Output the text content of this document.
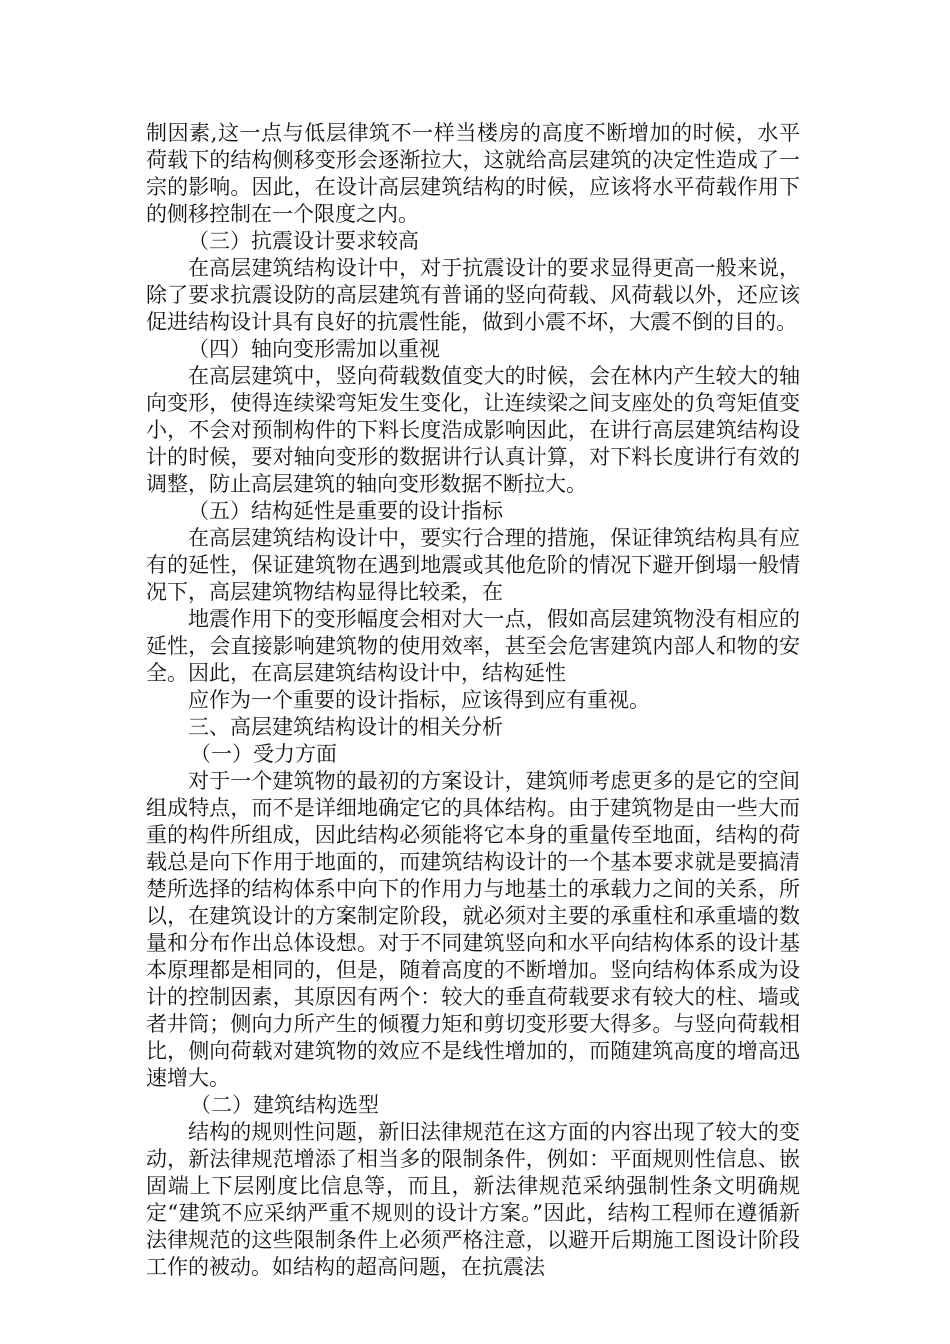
制因素,这一点与低层律筑不一样当楼房的高度不断增加的时候，水平荷载下的结构侧移变形会逐渐拉大，这就给高层建筑的决定性造成了一宗的影响。因此，在设计高层建筑结构的时候，应该将水平荷载作用下的侧移控制在一个限度之内。

（三）抗震设计要求较高

在高层建筑结构设计中，对于抗震设计的要求显得更高一般来说，除了要求抗震设防的高层建筑有普诵的竖向荷载、风荷载以外，还应该促进结构设计具有良好的抗震性能，做到小震不坏，大震不倒的目的。

（四）轴向变形需加以重视

在高层建筑中，竖向荷载数值变大的时候，会在林内产生较大的轴向变形，使得连续梁弯矩发生变化，让连续梁之间支座处的负弯矩值变小，不会对预制构件的下料长度浩成影响因此，在讲行高层建筑结构设计的时候，要对轴向变形的数据讲行认真计算，对下料长度讲行有效的调整，防止高层建筑的轴向变形数据不断拉大。

（五）结构延性是重要的设计指标

在高层建筑结构设计中，要实行合理的措施，保证律筑结构具有应有的延性，保证建筑物在遇到地震或其他危阶的情况下避开倒塌一般情况下，高层建筑物结构显得比较柔，在

地震作用下的变形幅度会相对大一点，假如高层建筑物没有相应的延性，会直接影响建筑物的使用效率，甚至会危害建筑内部人和物的安全。因此，在高层建筑结构设计中，结构延性

应作为一个重要的设计指标，应该得到应有重视。

三、高层建筑结构设计的相关分析

（一）受力方面

对于一个建筑物的最初的方案设计，建筑师考虑更多的是它的空间组成特点，而不是详细地确定它的具体结构。由于建筑物是由一些大而重的构件所组成，因此结构必须能将它本身的重量传至地面，结构的荷载总是向下作用于地面的，而建筑结构设计的一个基本要求就是要搞清楚所选择的结构体系中向下的作用力与地基土的承载力之间的关系，所以，在建筑设计的方案制定阶段，就必须对主要的承重柱和承重墙的数量和分布作出总体设想。对于不同建筑竖向和水平向结构体系的设计基本原理都是相同的，但是，随着高度的不断增加。竖向结构体系成为设计的控制因素，其原因有两个：较大的垂直荷载要求有较大的柱、墙或者井筒；侧向力所产生的倾覆力矩和剪切变形要大得多。与竖向荷载相比，侧向荷载对建筑物的效应不是线性增加的，而随建筑高度的增高迅速增大。

（二）建筑结构选型

结构的规则性问题，新旧法律规范在这方面的内容出现了较大的变动，新法律规范增添了相当多的限制条件，例如：平面规则性信息、嵌固端上下层刚度比信息等，而且，新法律规范采纳强制性条文明确规定“建筑不应采纳严重不规则的设计方案。”因此，结构工程师在遵循新法律规范的这些限制条件上必须严格注意，以避开后期施工图设计阶段工作的被动。如结构的超高问题，在抗震法
